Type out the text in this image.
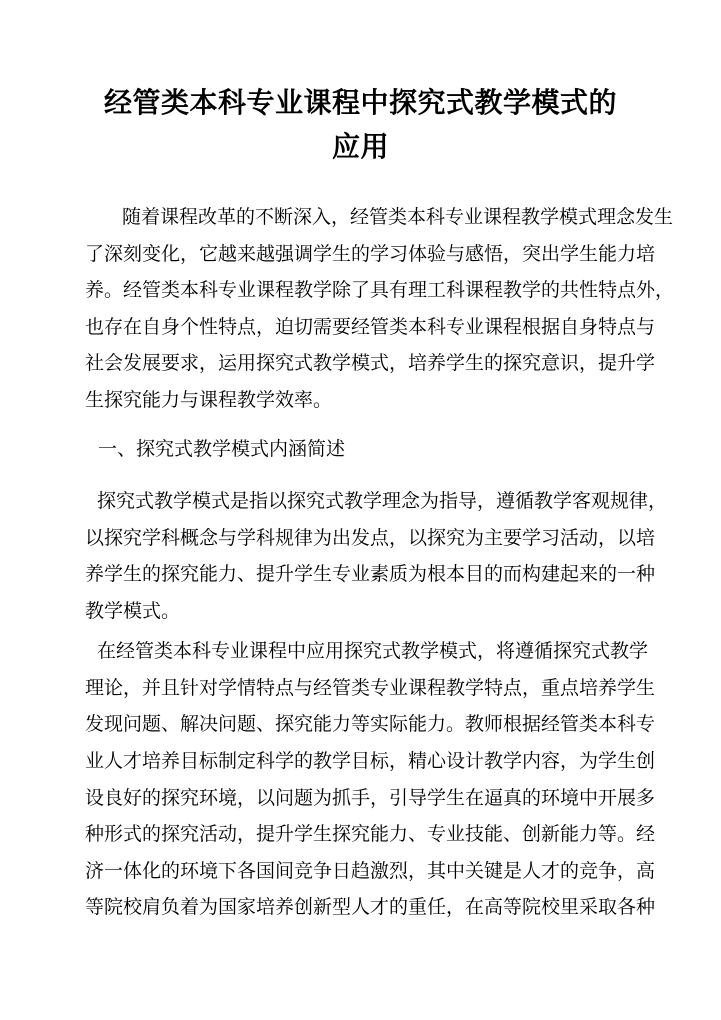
经管类本科专业课程中探究式教学模式的
应用
随着课程改革的不断深入，经管类本科专业课程教学模式理念发生
了深刻变化，它越来越强调学生的学习体验与感悟，突出学生能力培
养。经管类本科专业课程教学除了具有理工科课程教学的共性特点外，
也存在自身个性特点，迫切需要经管类本科专业课程根据自身特点与
社会发展要求，运用探究式教学模式，培养学生的探究意识，提升学
生探究能力与课程教学效率。
一、探究式教学模式内涵简述
探究式教学模式是指以探究式教学理念为指导，遵循教学客观规律，
以探究学科概念与学科规律为出发点，以探究为主要学习活动，以培
养学生的探究能力、提升学生专业素质为根本目的而构建起来的一种
教学模式。
在经管类本科专业课程中应用探究式教学模式，将遵循探究式教学
理论，并且针对学情特点与经管类专业课程教学特点，重点培养学生
发现问题、解决问题、探究能力等实际能力。教师根据经管类本科专
业人才培养目标制定科学的教学目标，精心设计教学内容，为学生创
设良好的探究环境，以问题为抓手，引导学生在逼真的环境中开展多
种形式的探究活动，提升学生探究能力、专业技能、创新能力等。经
济一体化的环境下各国间竞争日趋激烈，其中关键是人才的竞争，高
等院校肩负着为国家培养创新型人才的重任，在高等院校里采取各种
